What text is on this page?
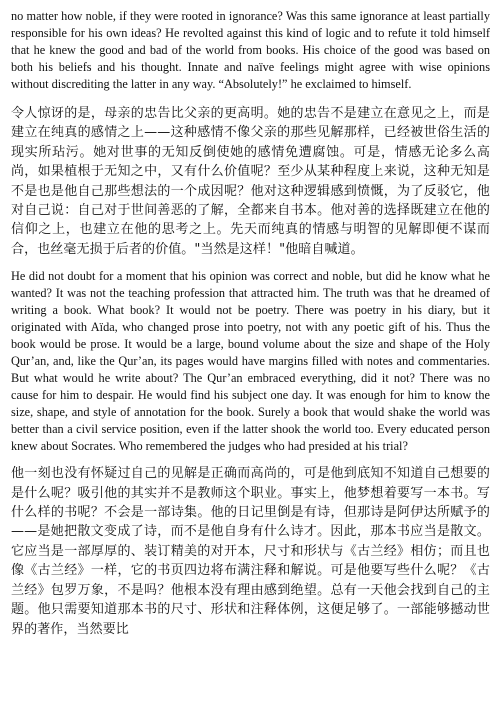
no matter how noble, if they were rooted in ignorance? Was this same ignorance at least partially responsible for his own ideas? He revolted against this kind of logic and to refute it told himself that he knew the good and bad of the world from books. His choice of the good was based on both his beliefs and his thought. Innate and naïve feelings might agree with wise opinions without discrediting the latter in any way. “Absolutely!” he exclaimed to himself.

令人惊讶的是，母亲的忠告比父亲的更高明。她的忠告不是建立在意见之上，而是建立在纯真的感情之上——这种感情不像父亲的那些见解那样，已经被世俗生活的现实所玷污。她对世事的无知反倒使她的感情免遭腐蚀。可是，情感无论多么高尚，如果植根于无知之中，又有什么价值呢？至少从某种程度上来说，这种无知是不是也是他自己那些想法的一个成因呢？他对这种逻辑感到愤慨，为了反驳它，他对自己说：自己对于世间善恶的了解，全都来自书本。他对善的选择既建立在他的信仰之上，也建立在他的思考之上。先天而纯真的情感与明智的见解即便不谋而合，也丝毫无损于后者的价值。"当然是这样！"他暗自喊道。

He did not doubt for a moment that his opinion was correct and noble, but did he know what he wanted? It was not the teaching profession that attracted him. The truth was that he dreamed of writing a book. What book? It would not be poetry. There was poetry in his diary, but it originated with Aïda, who changed prose into poetry, not with any poetic gift of his. Thus the book would be prose. It would be a large, bound volume about the size and shape of the Holy Qur’an, and, like the Qur’an, its pages would have margins filled with notes and commentaries. But what would he write about? The Qur’an embraced everything, did it not? There was no cause for him to despair. He would find his subject one day. It was enough for him to know the size, shape, and style of annotation for the book. Surely a book that would shake the world was better than a civil service position, even if the latter shook the world too. Every educated person knew about Socrates. Who remembered the judges who had presided at his trial?

他一刻也没有怀疑过自己的见解是正确而高尚的，可是他到底知不知道自己想要的是什么呢？吸引他的其实并不是教师这个职业。事实上，他梦想着要写一本书。写什么样的书呢？不会是一部诗集。他的日记里倒是有诗，但那诗是阿伊达所赋予的——是她把散文变成了诗，而不是他自身有什么诗才。因此，那本书应当是散文。它应当是一部厚厚的、装订精美的对开本，尺寸和形状与《古兰经》相仿；而且也像《古兰经》一样，它的书页四边将布满注释和解说。可是他要写些什么呢？《古兰经》包罗万象，不是吗？他根本没有理由感到绝望。总有一天他会找到自己的主题。他只需要知道那本书的尺寸、形状和注释体例，这便足够了。一部能够撼动世界的著作，当然要比
